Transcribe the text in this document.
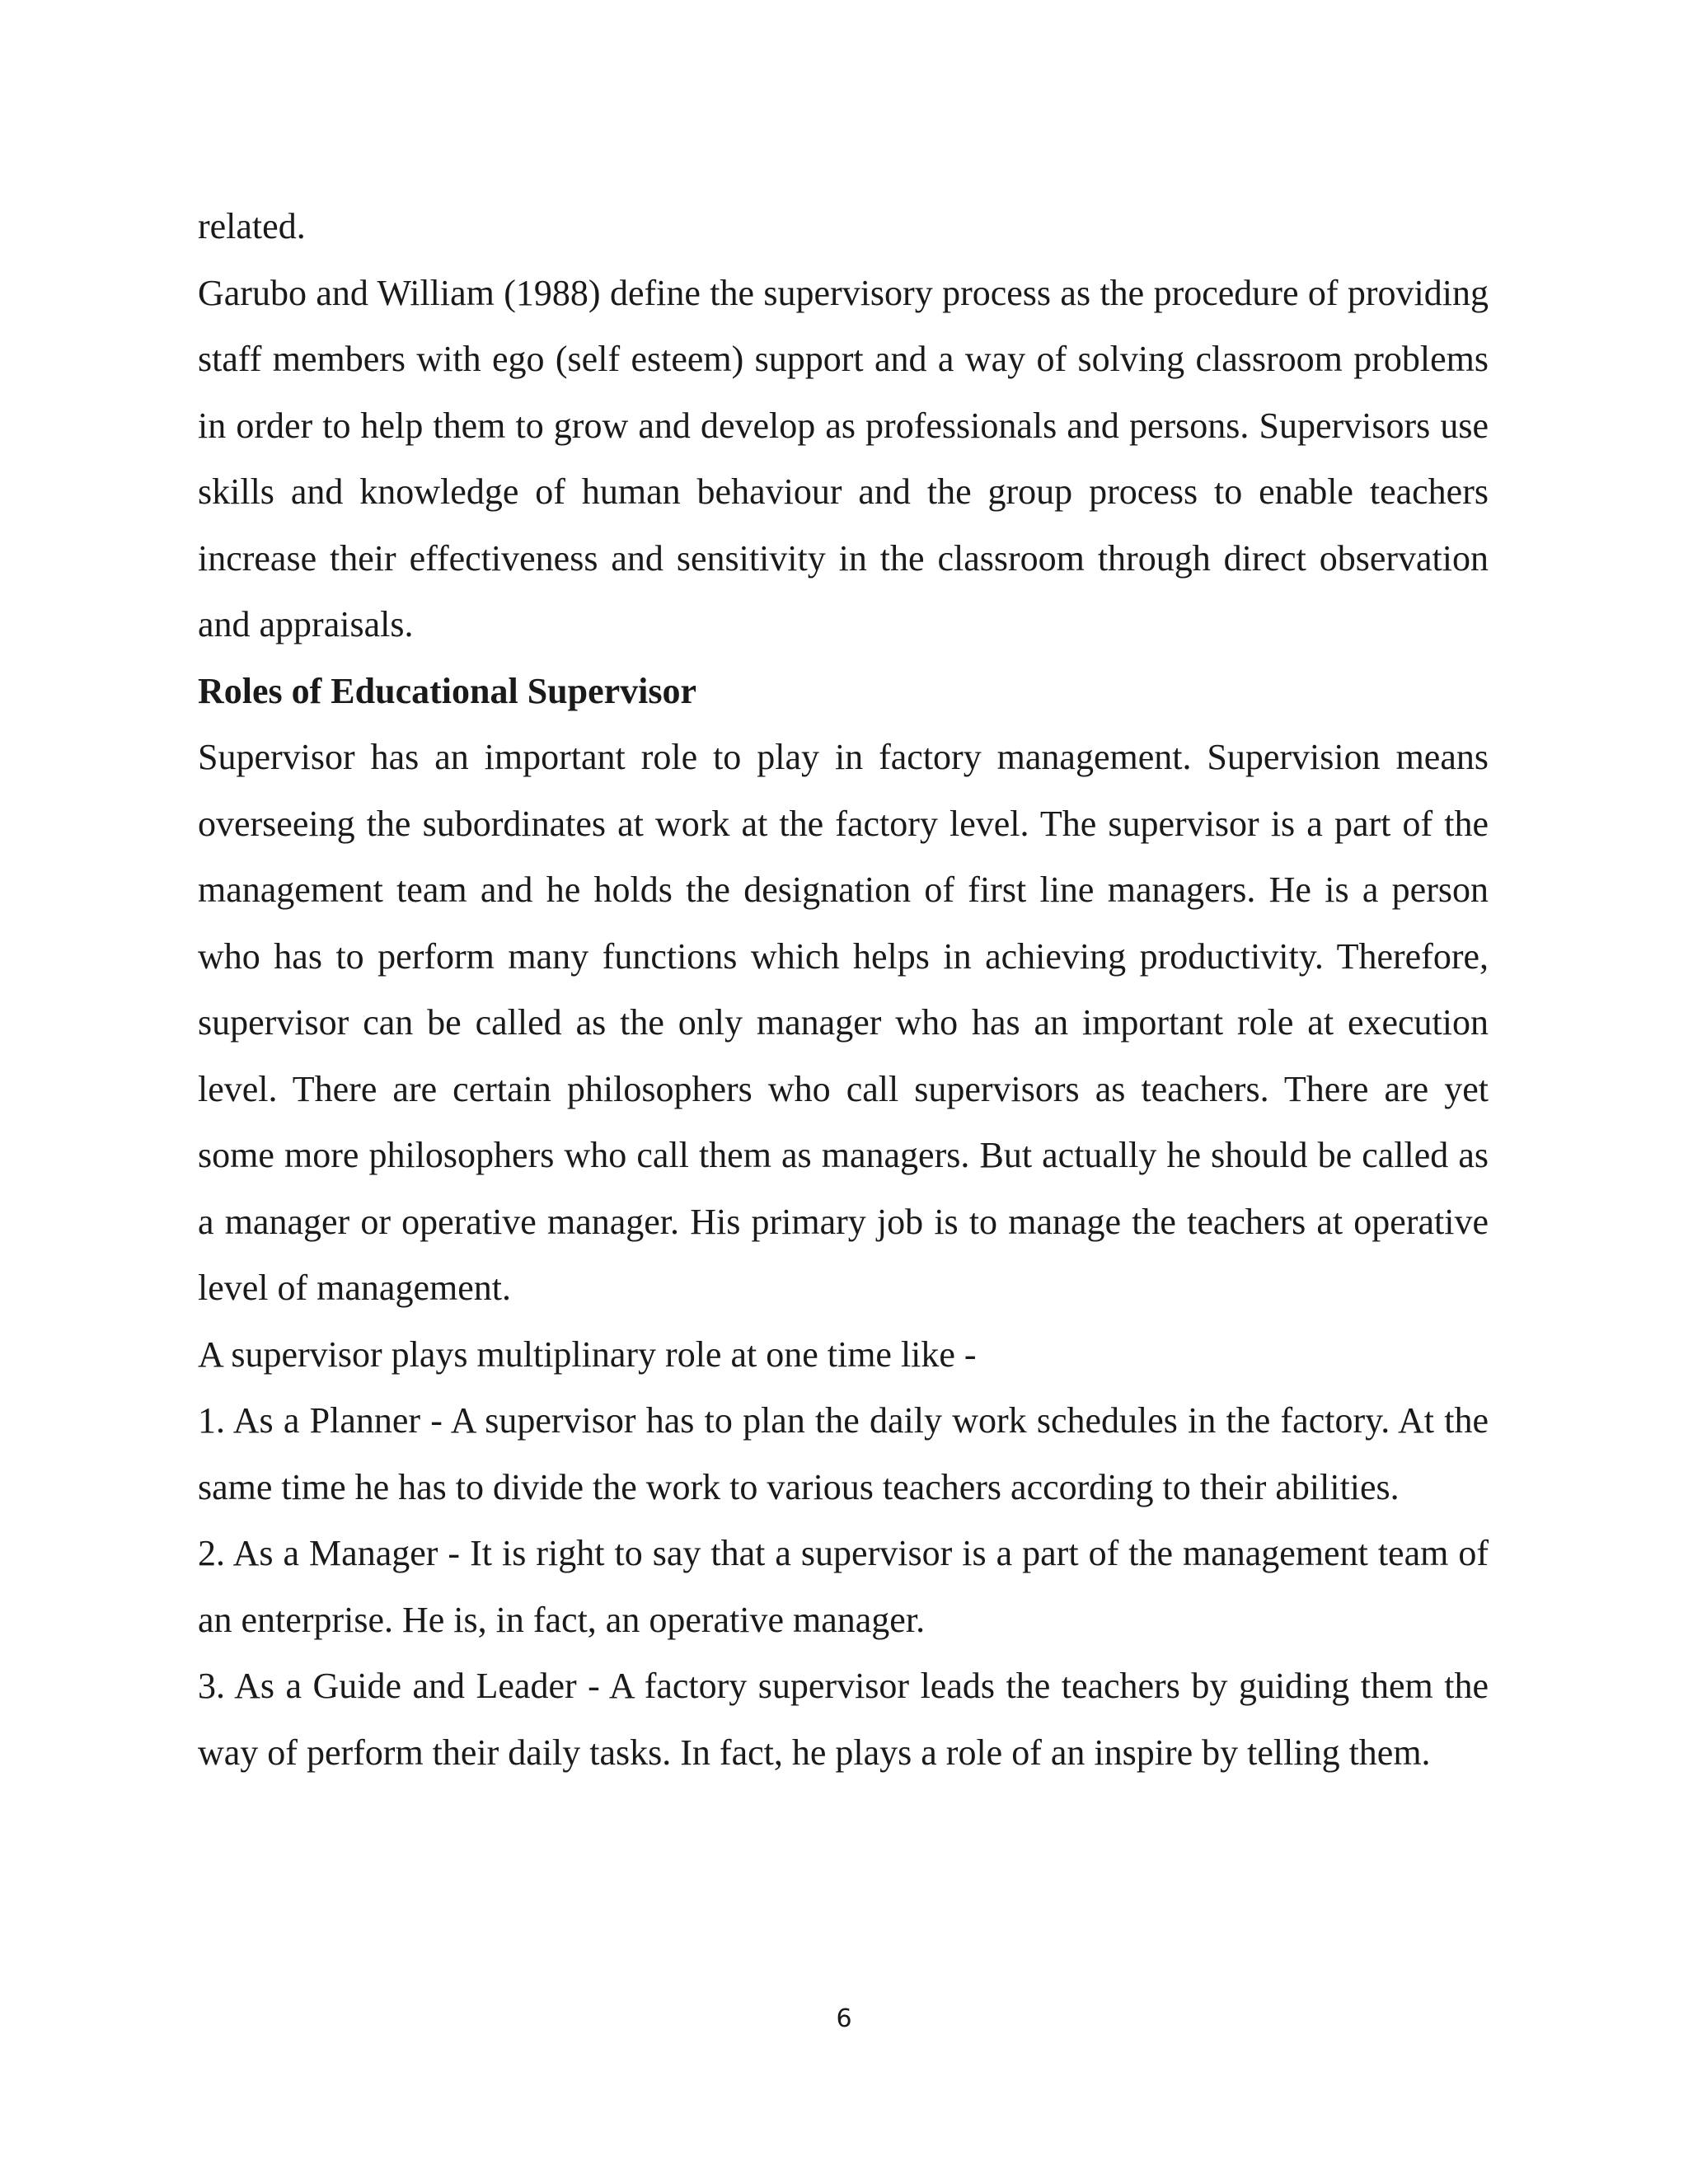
related.

Garubo and William (1988) define the supervisory process as the procedure of providing staff members with ego (self esteem) support and a way of solving classroom problems in order to help them to grow and develop as professionals and persons. Supervisors use skills and knowledge of human behaviour and the group process to enable teachers increase their effectiveness and sensitivity in the classroom through direct observation and appraisals.

Roles of Educational Supervisor

Supervisor has an important role to play in factory management. Supervision means overseeing the subordinates at work at the factory level. The supervisor is a part of the management team and he holds the designation of first line managers. He is a person who has to perform many functions which helps in achieving productivity. Therefore, supervisor can be called as the only manager who has an important role at execution level. There are certain philosophers who call supervisors as teachers. There are yet some more philosophers who call them as managers. But actually he should be called as a manager or operative manager. His primary job is to manage the teachers at operative level of management.

A supervisor plays multiplinary role at one time like -

1. As a Planner - A supervisor has to plan the daily work schedules in the factory. At the same time he has to divide the work to various teachers according to their abilities.

2. As a Manager - It is right to say that a supervisor is a part of the management team of an enterprise. He is, in fact, an operative manager.

3. As a Guide and Leader - A factory supervisor leads the teachers by guiding them the way of perform their daily tasks. In fact, he plays a role of an inspire by telling them.

6
